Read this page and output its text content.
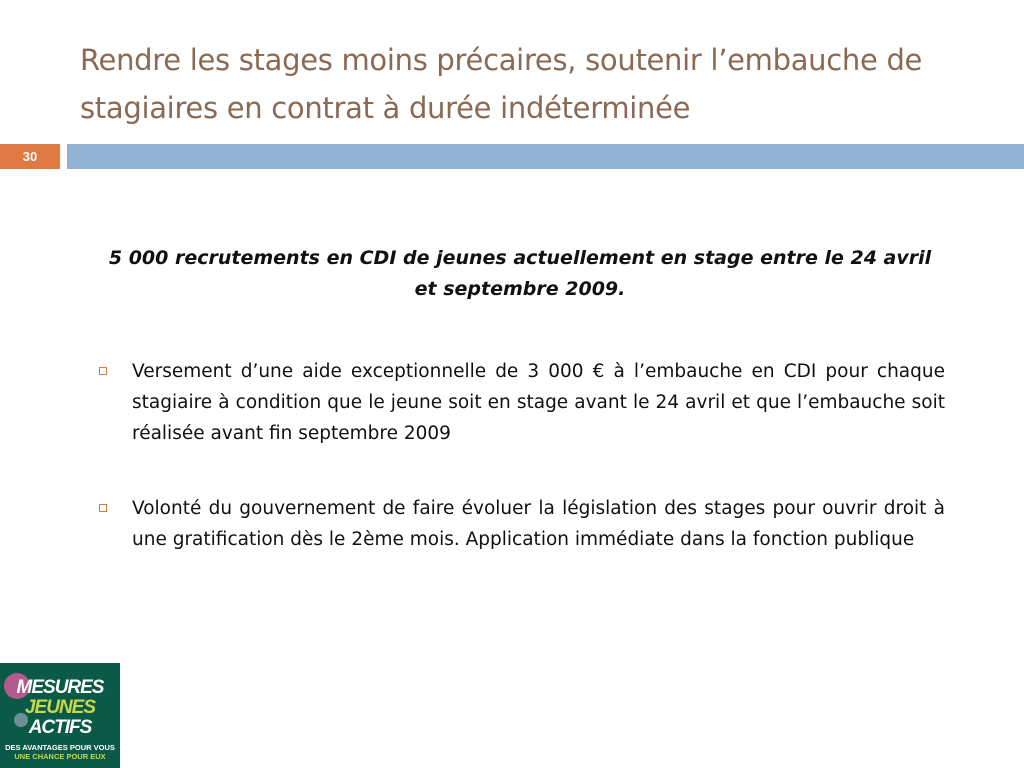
Rendre les stages moins précaires, soutenir l’embauche de stagiaires en contrat à durée indéterminée
30
5 000 recrutements en CDI de jeunes actuellement en stage entre le 24 avril et septembre 2009.
Versement d’une aide exceptionnelle de 3 000 € à l’embauche en CDI pour chaque stagiaire à condition que le jeune soit en stage avant le 24 avril et que l’embauche soit réalisée avant fin septembre 2009
Volonté du gouvernement de faire évoluer la législation des stages pour ouvrir droit à une gratification dès le 2ème mois. Application immédiate dans la fonction publique
MESURES
JEUNES
ACTIFS
DES AVANTAGES POUR VOUS
UNE CHANCE POUR EUX
